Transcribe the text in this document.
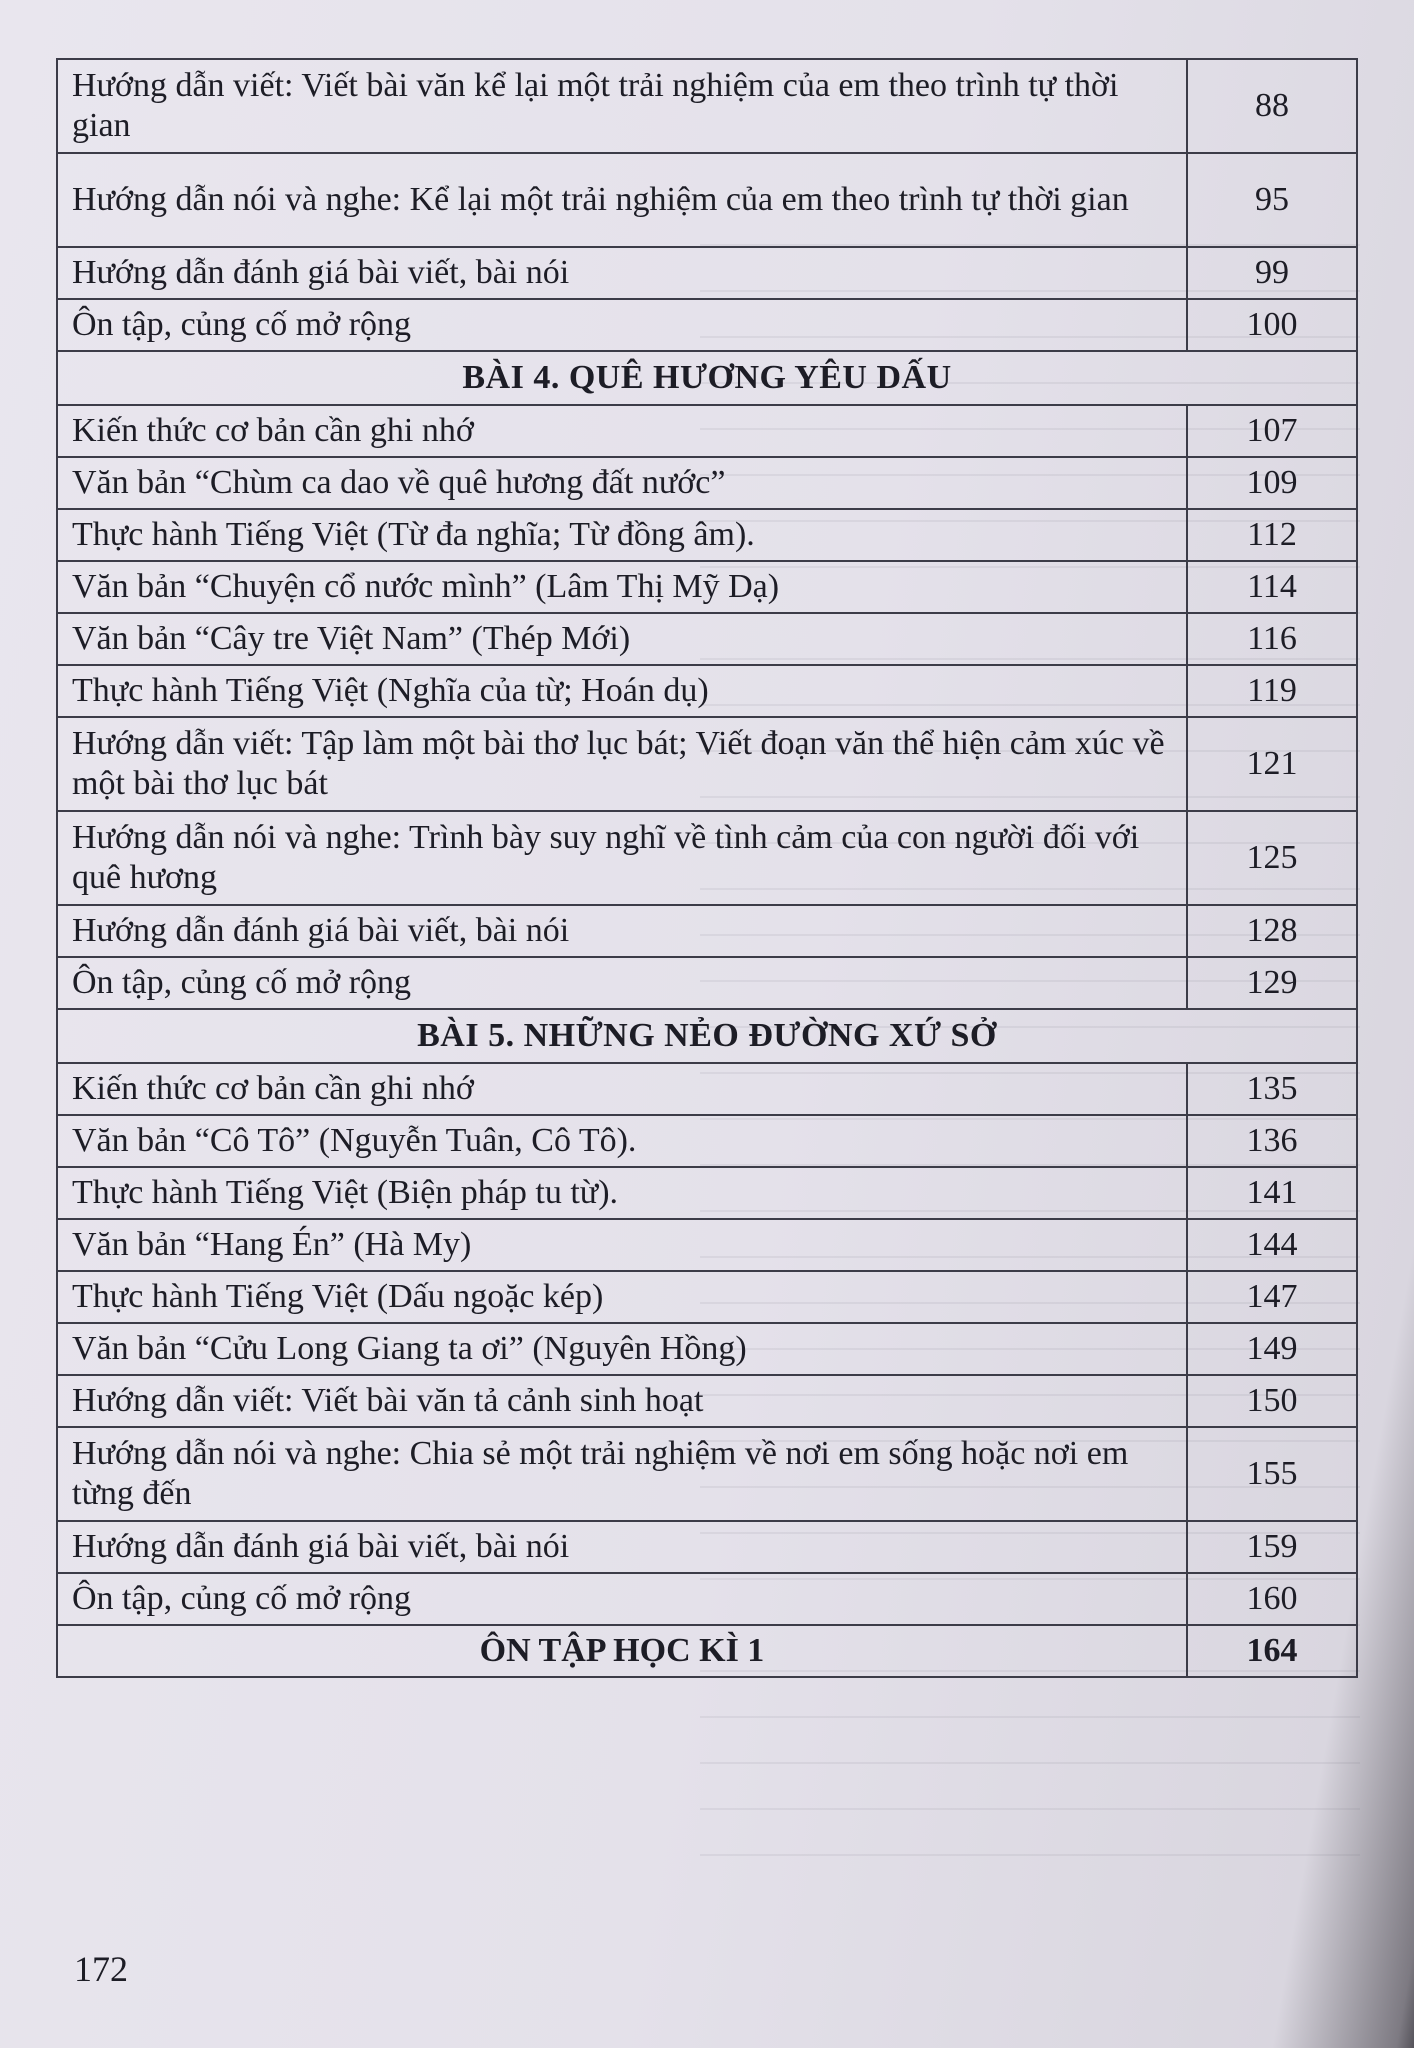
Hướng dẫn viết: Viết bài văn kể lại một trải nghiệm của em theo trình tự thời gian	88
Hướng dẫn nói và nghe: Kể lại một trải nghiệm của em theo trình tự thời gian	95
Hướng dẫn đánh giá bài viết, bài nói	99
Ôn tập, củng cố mở rộng	100
BÀI 4. QUÊ HƯƠNG YÊU DẤU	
Kiến thức cơ bản cần ghi nhớ	107
Văn bản “Chùm ca dao về quê hương đất nước”	109
Thực hành Tiếng Việt (Từ đa nghĩa; Từ đồng âm).	112
Văn bản “Chuyện cổ nước mình” (Lâm Thị Mỹ Dạ)	114
Văn bản “Cây tre Việt Nam” (Thép Mới)	116
Thực hành Tiếng Việt (Nghĩa của từ; Hoán dụ)	119
Hướng dẫn viết: Tập làm một bài thơ lục bát; Viết đoạn văn thể hiện cảm xúc về một bài thơ lục bát	121
Hướng dẫn nói và nghe: Trình bày suy nghĩ về tình cảm của con người đối với quê hương	125
Hướng dẫn đánh giá bài viết, bài nói	128
Ôn tập, củng cố mở rộng	129
BÀI 5. NHỮNG NẺO ĐƯỜNG XỨ SỞ	
Kiến thức cơ bản cần ghi nhớ	135
Văn bản “Cô Tô” (Nguyễn Tuân, Cô Tô).	136
Thực hành Tiếng Việt (Biện pháp tu từ).	141
Văn bản “Hang Én” (Hà My)	144
Thực hành Tiếng Việt (Dấu ngoặc kép)	147
Văn bản “Cửu Long Giang ta ơi” (Nguyên Hồng)	149
Hướng dẫn viết: Viết bài văn tả cảnh sinh hoạt	150
Hướng dẫn nói và nghe: Chia sẻ một trải nghiệm về nơi em sống hoặc nơi em từng đến	155
Hướng dẫn đánh giá bài viết, bài nói	159
Ôn tập, củng cố mở rộng	160
ÔN TẬP HỌC KÌ 1	164
172
